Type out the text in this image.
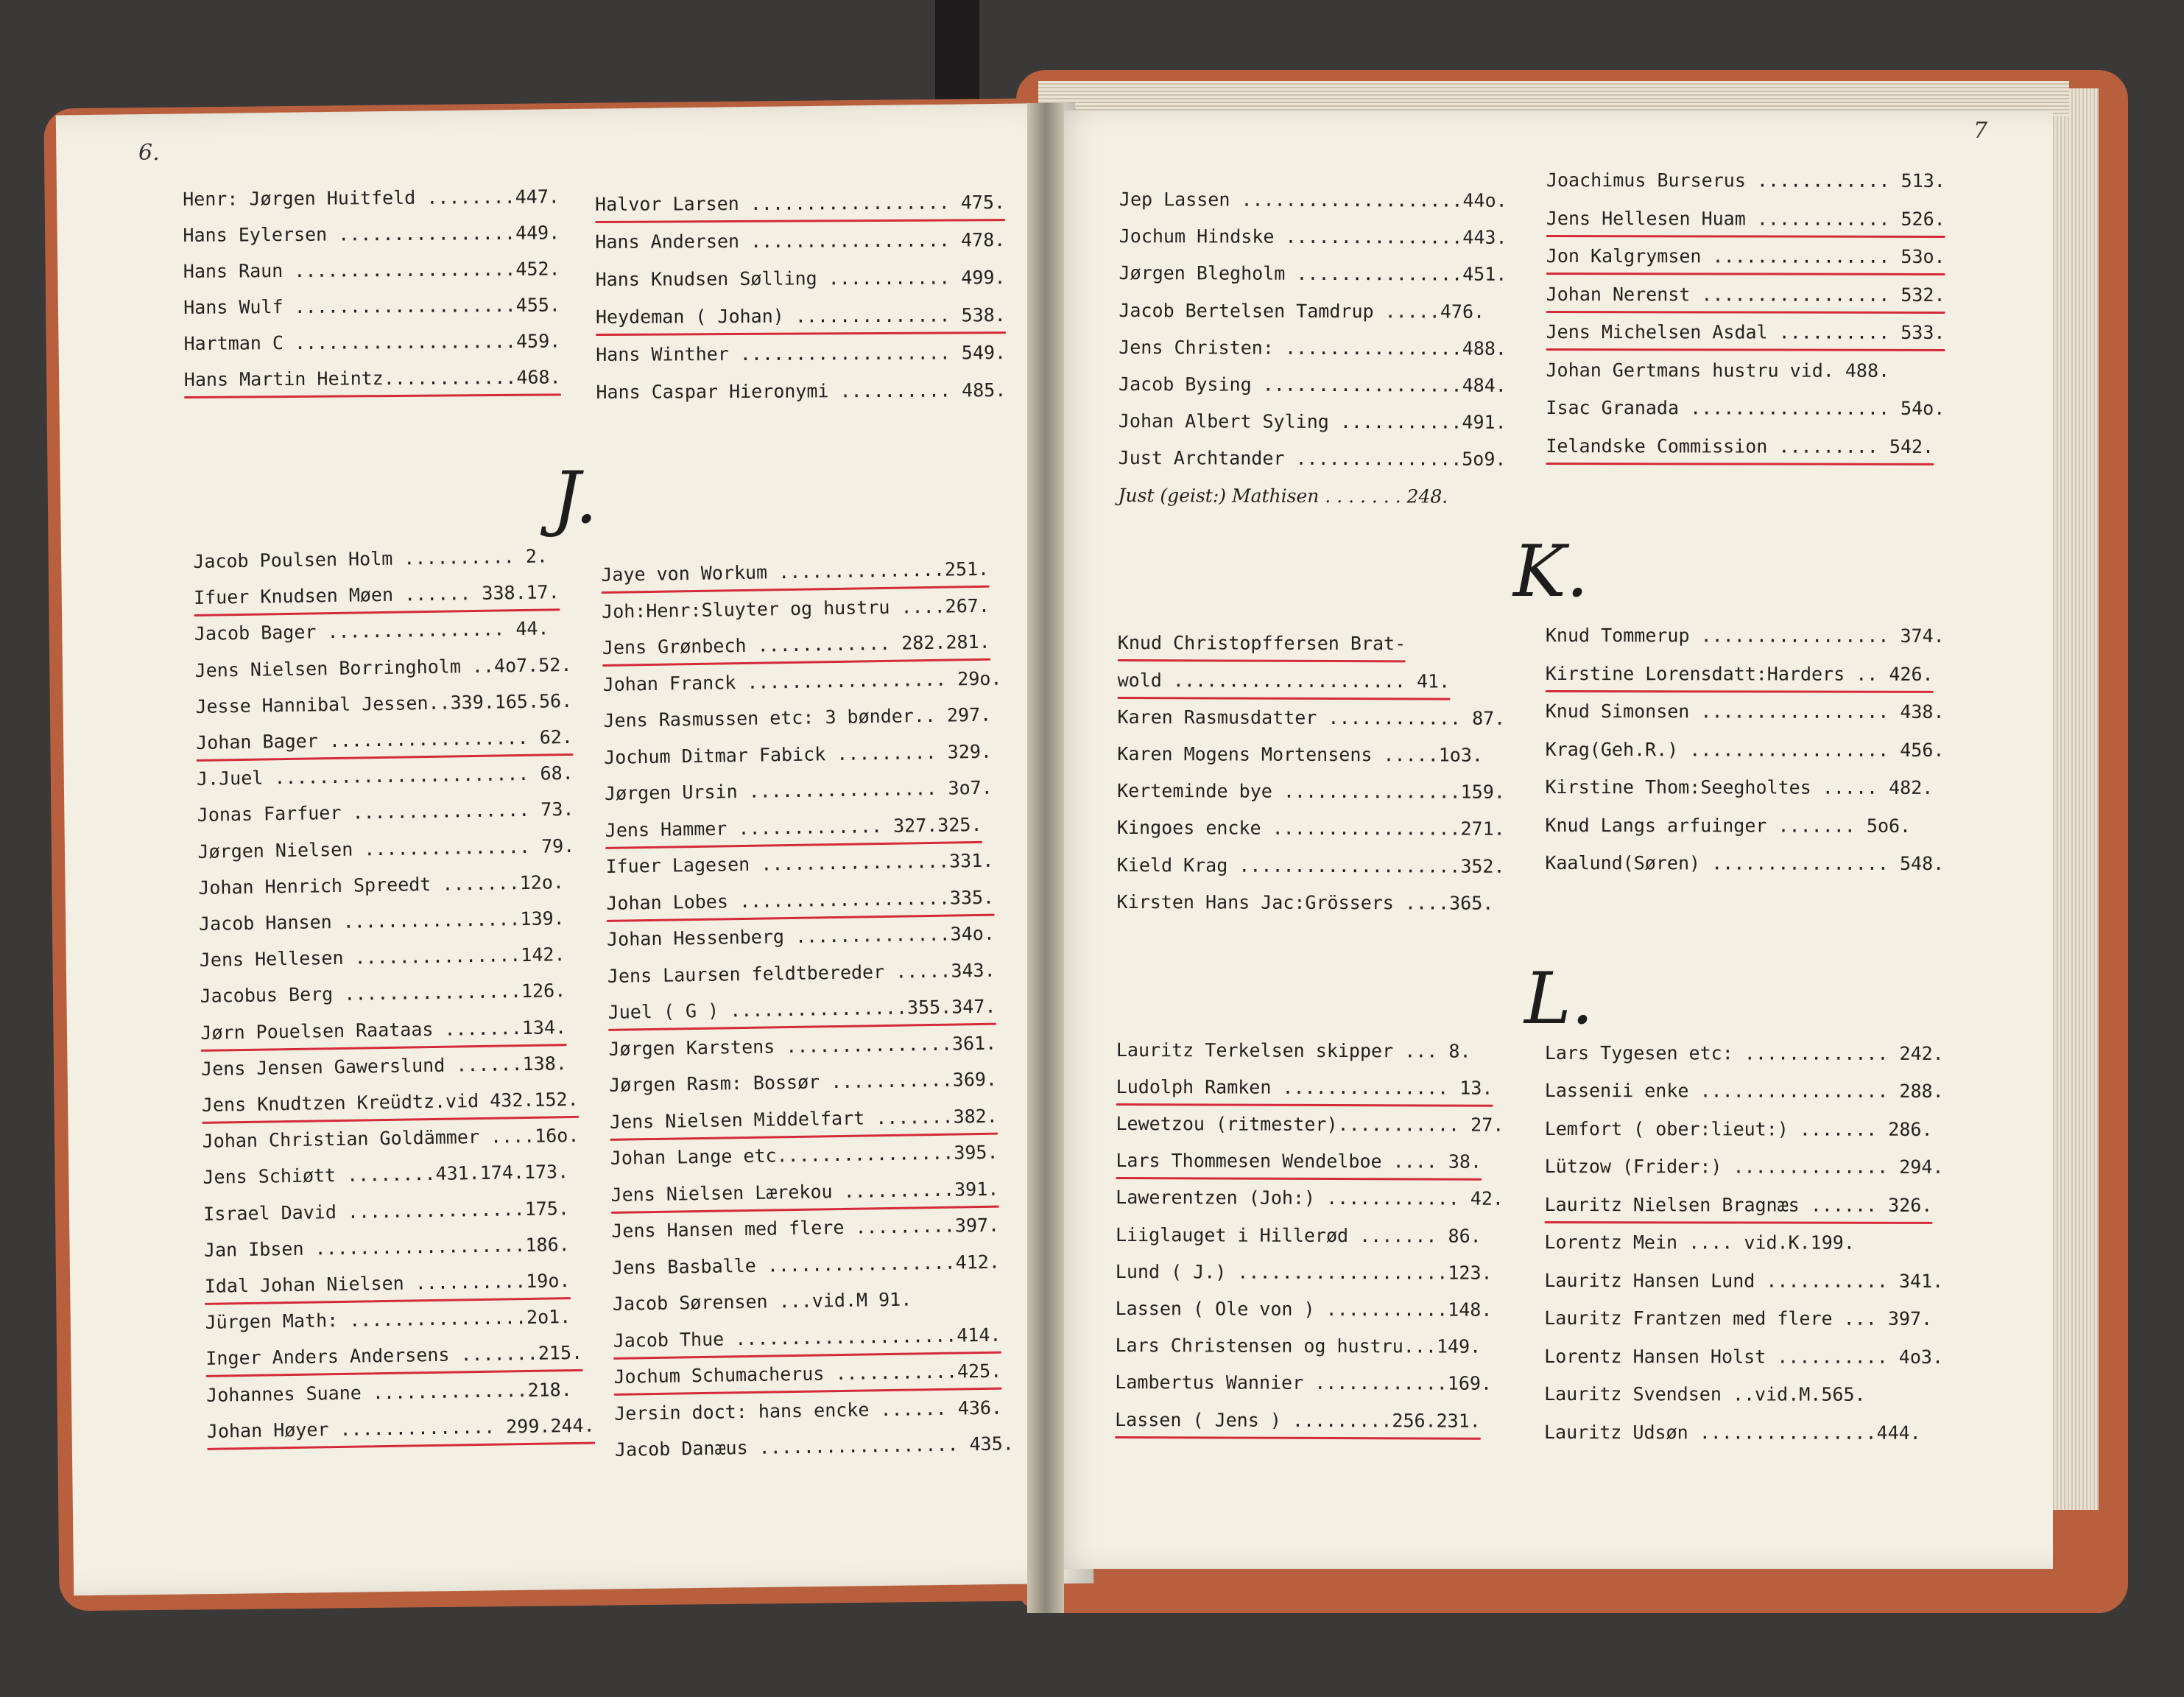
6.
7
J.
K.
L.
Henr: Jørgen Huitfeld ........447.
Hans Eylersen ................449.
Hans Raun ....................452.
Hans Wulf ....................455.
Hartman C ....................459.
Hans Martin Heintz............468.
Halvor Larsen .................. 475.
Hans Andersen .................. 478.
Hans Knudsen Sølling ........... 499.
Heydeman ( Johan) .............. 538.
Hans Winther ................... 549.
Hans Caspar Hieronymi .......... 485.
Jacob Poulsen Holm .......... 2.
Ifuer Knudsen Møen ...... 338.17.
Jacob Bager ................ 44.
Jens Nielsen Borringholm ..4o7.52.
Jesse Hannibal Jessen..339.165.56.
Johan Bager .................. 62.
J.Juel ....................... 68.
Jonas Farfuer ................ 73.
Jørgen Nielsen ............... 79.
Johan Henrich Spreedt .......12o.
Jacob Hansen ................139.
Jens Hellesen ...............142.
Jacobus Berg ................126.
Jørn Pouelsen Raataas .......134.
Jens Jensen Gawerslund ......138.
Jens Knudtzen Kreüdtz.vid 432.152.
Johan Christian Goldämmer ....16o.
Jens Schiøtt ........431.174.173.
Israel David ................175.
Jan Ibsen ...................186.
Idal Johan Nielsen ..........19o.
Jürgen Math: ................2o1.
Inger Anders Andersens .......215.
Johannes Suane ..............218.
Johan Høyer .............. 299.244.
Jaye von Workum ...............251.
Joh:Henr:Sluyter og hustru ....267.
Jens Grønbech ............ 282.281.
Johan Franck .................. 29o.
Jens Rasmussen etc: 3 bønder.. 297.
Jochum Ditmar Fabick ......... 329.
Jørgen Ursin ................. 3o7.
Jens Hammer ............. 327.325.
Ifuer Lagesen .................331.
Johan Lobes ...................335.
Johan Hessenberg ..............34o.
Jens Laursen feldtbereder .....343.
Juel ( G ) ................355.347.
Jørgen Karstens ...............361.
Jørgen Rasm: Bossør ...........369.
Jens Nielsen Middelfart .......382.
Johan Lange etc................395.
Jens Nielsen Lærekou ..........391.
Jens Hansen med flere .........397.
Jens Basballe .................412.
Jacob Sørensen ...vid.M 91.
Jacob Thue ....................414.
Jochum Schumacherus ...........425.
Jersin doct: hans encke ...... 436.
Jacob Danæus .................. 435.
Jep Lassen ....................44o.
Jochum Hindske ................443.
Jørgen Blegholm ...............451.
Jacob Bertelsen Tamdrup .....476.
Jens Christen: ................488.
Jacob Bysing ..................484.
Johan Albert Syling ...........491.
Just Archtander ...............5o9.
Just (geist:) Mathisen . . . . . . . 248.
Knud Christopffersen Brat-
wold ..................... 41.
Karen Rasmusdatter ............ 87.
Karen Mogens Mortensens .....1o3.
Kerteminde bye ................159.
Kingoes encke .................271.
Kield Krag ....................352.
Kirsten Hans Jac:Grössers ....365.
Lauritz Terkelsen skipper ... 8.
Ludolph Ramken ............... 13.
Lewetzou (ritmester)........... 27.
Lars Thommesen Wendelboe .... 38.
Lawerentzen (Joh:) ............ 42.
Liiglauget i Hillerød ....... 86.
Lund ( J.) ...................123.
Lassen ( Ole von ) ...........148.
Lars Christensen og hustru...149.
Lambertus Wannier ............169.
Lassen ( Jens ) .........256.231.
Joachimus Burserus ............ 513.
Jens Hellesen Huam ............ 526.
Jon Kalgrymsen ................ 53o.
Johan Nerenst ................. 532.
Jens Michelsen Asdal .......... 533.
Johan Gertmans hustru vid. 488.
Isac Granada .................. 54o.
Ielandske Commission ......... 542.
Knud Tommerup ................. 374.
Kirstine Lorensdatt:Harders .. 426.
Knud Simonsen ................. 438.
Krag(Geh.R.) .................. 456.
Kirstine Thom:Seegholtes ..... 482.
Knud Langs arfuinger ....... 5o6.
Kaalund(Søren) ................ 548.
Lars Tygesen etc: ............. 242.
Lassenii enke ................. 288.
Lemfort ( ober:lieut:) ....... 286.
Lützow (Frider:) .............. 294.
Lauritz Nielsen Bragnæs ...... 326.
Lorentz Mein .... vid.K.199.
Lauritz Hansen Lund ........... 341.
Lauritz Frantzen med flere ... 397.
Lorentz Hansen Holst .......... 4o3.
Lauritz Svendsen ..vid.M.565.
Lauritz Udsøn ................444.
